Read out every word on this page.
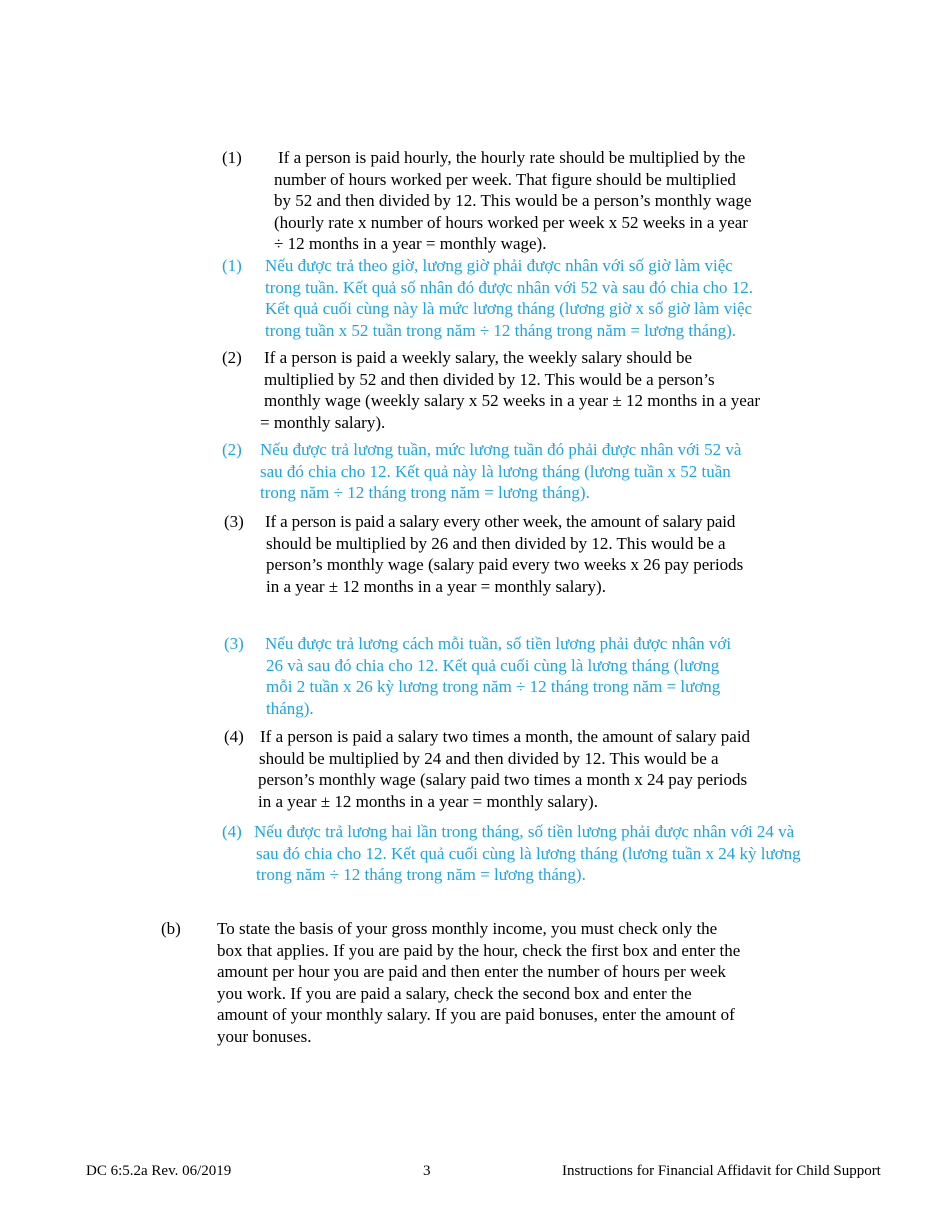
(1) If a person is paid hourly, the hourly rate should be multiplied by the
number of hours worked per week. That figure should be multiplied
by 52 and then divided by 12. This would be a person’s monthly wage
(hourly rate x number of hours worked per week x 52 weeks in a year
÷ 12 months in a year = monthly wage).
(1) Nếu được trả theo giờ, lương giờ phải được nhân với số giờ làm việc
trong tuần. Kết quả số nhân đó được nhân với 52 và sau đó chia cho 12.
Kết quả cuối cùng này là mức lương tháng (lương giờ x số giờ làm việc
trong tuần x 52 tuần trong năm ÷ 12 tháng trong năm = lương tháng).
(2) If a person is paid a weekly salary, the weekly salary should be
multiplied by 52 and then divided by 12. This would be a person’s
monthly wage (weekly salary x 52 weeks in a year ± 12 months in a year
= monthly salary).
(2) Nếu được trả lương tuần, mức lương tuần đó phải được nhân với 52 và
sau đó chia cho 12. Kết quả này là lương tháng (lương tuần x 52 tuần
trong năm ÷ 12 tháng trong năm = lương tháng).
(3) If a person is paid a salary every other week, the amount of salary paid
should be multiplied by 26 and then divided by 12. This would be a
person’s monthly wage (salary paid every two weeks x 26 pay periods
in a year ± 12 months in a year = monthly salary).
(3) Nếu được trả lương cách mỗi tuần, số tiền lương phải được nhân với
26 và sau đó chia cho 12. Kết quả cuối cùng là lương tháng (lương
mỗi 2 tuần x 26 kỳ lương trong năm ÷ 12 tháng trong năm = lương
tháng).
(4) If a person is paid a salary two times a month, the amount of salary paid
should be multiplied by 24 and then divided by 12. This would be a
person’s monthly wage (salary paid two times a month x 24 pay periods
in a year ± 12 months in a year = monthly salary).
(4) Nếu được trả lương hai lần trong tháng, số tiền lương phải được nhân với 24 và
sau đó chia cho 12. Kết quả cuối cùng là lương tháng (lương tuần x 24 kỳ lương
trong năm ÷ 12 tháng trong năm = lương tháng).
(b) To state the basis of your gross monthly income, you must check only the
box that applies. If you are paid by the hour, check the first box and enter the
amount per hour you are paid and then enter the number of hours per week
you work. If you are paid a salary, check the second box and enter the
amount of your monthly salary. If you are paid bonuses, enter the amount of
your bonuses.
DC 6:5.2a Rev. 06/2019	3	Instructions for Financial Affidavit for Child Support
